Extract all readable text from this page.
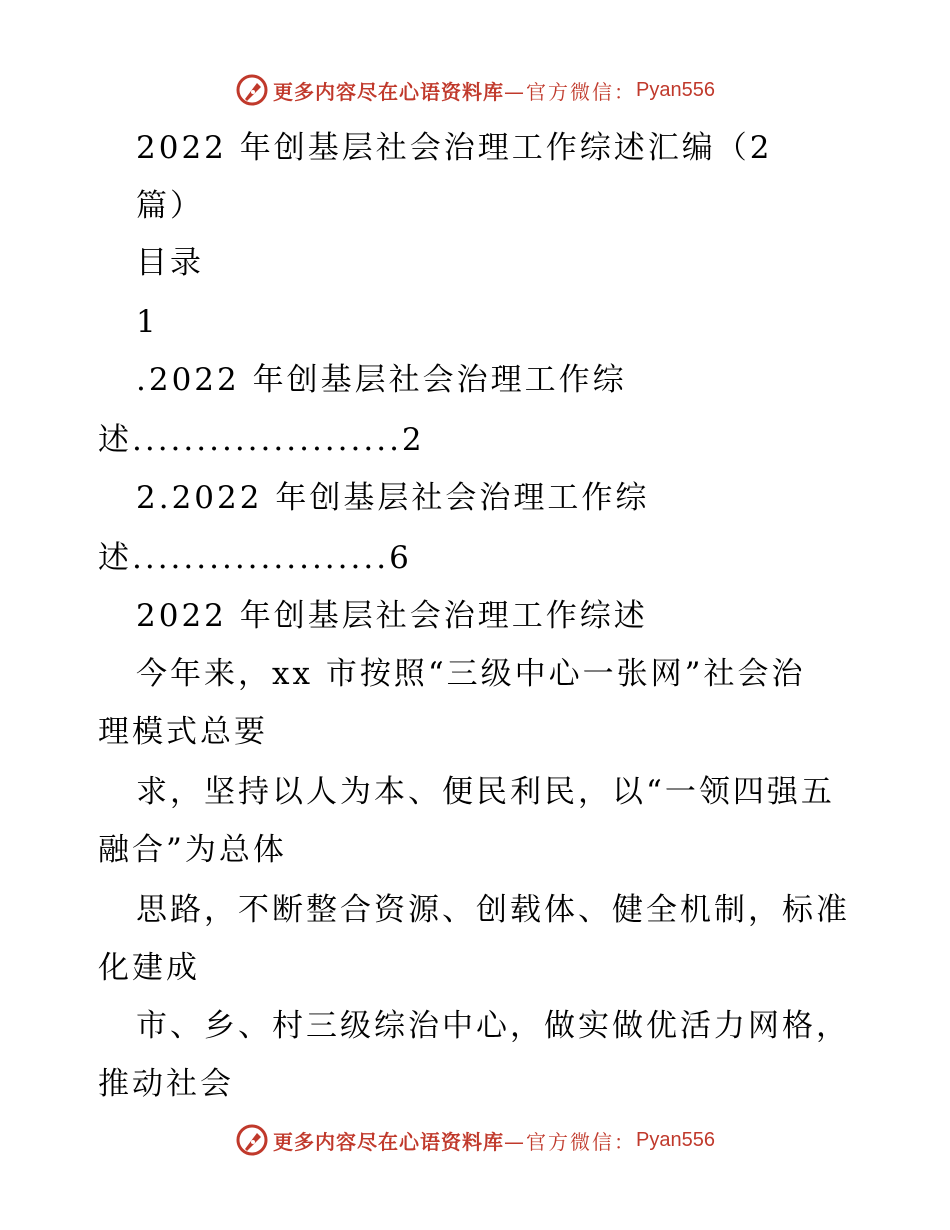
更多内容尽在心语资料库 —官方微信： Pyan556
2022 年创基层社会治理工作综述汇编（2
篇）
目录
1
.2022 年创基层社会治理工作综
述.....................2
2.2022 年创基层社会治理工作综
述....................6
2022 年创基层社会治理工作综述
今年来，xx 市按照“三级中心一张网”社会治
理模式总要
求，坚持以人为本、便民利民，以“一领四强五
融合”为总体
思路，不断整合资源、创载体、健全机制，标准
化建成
市、乡、村三级综治中心，做实做优活力网格，
推动社会
更多内容尽在心语资料库 —官方微信： Pyan556
